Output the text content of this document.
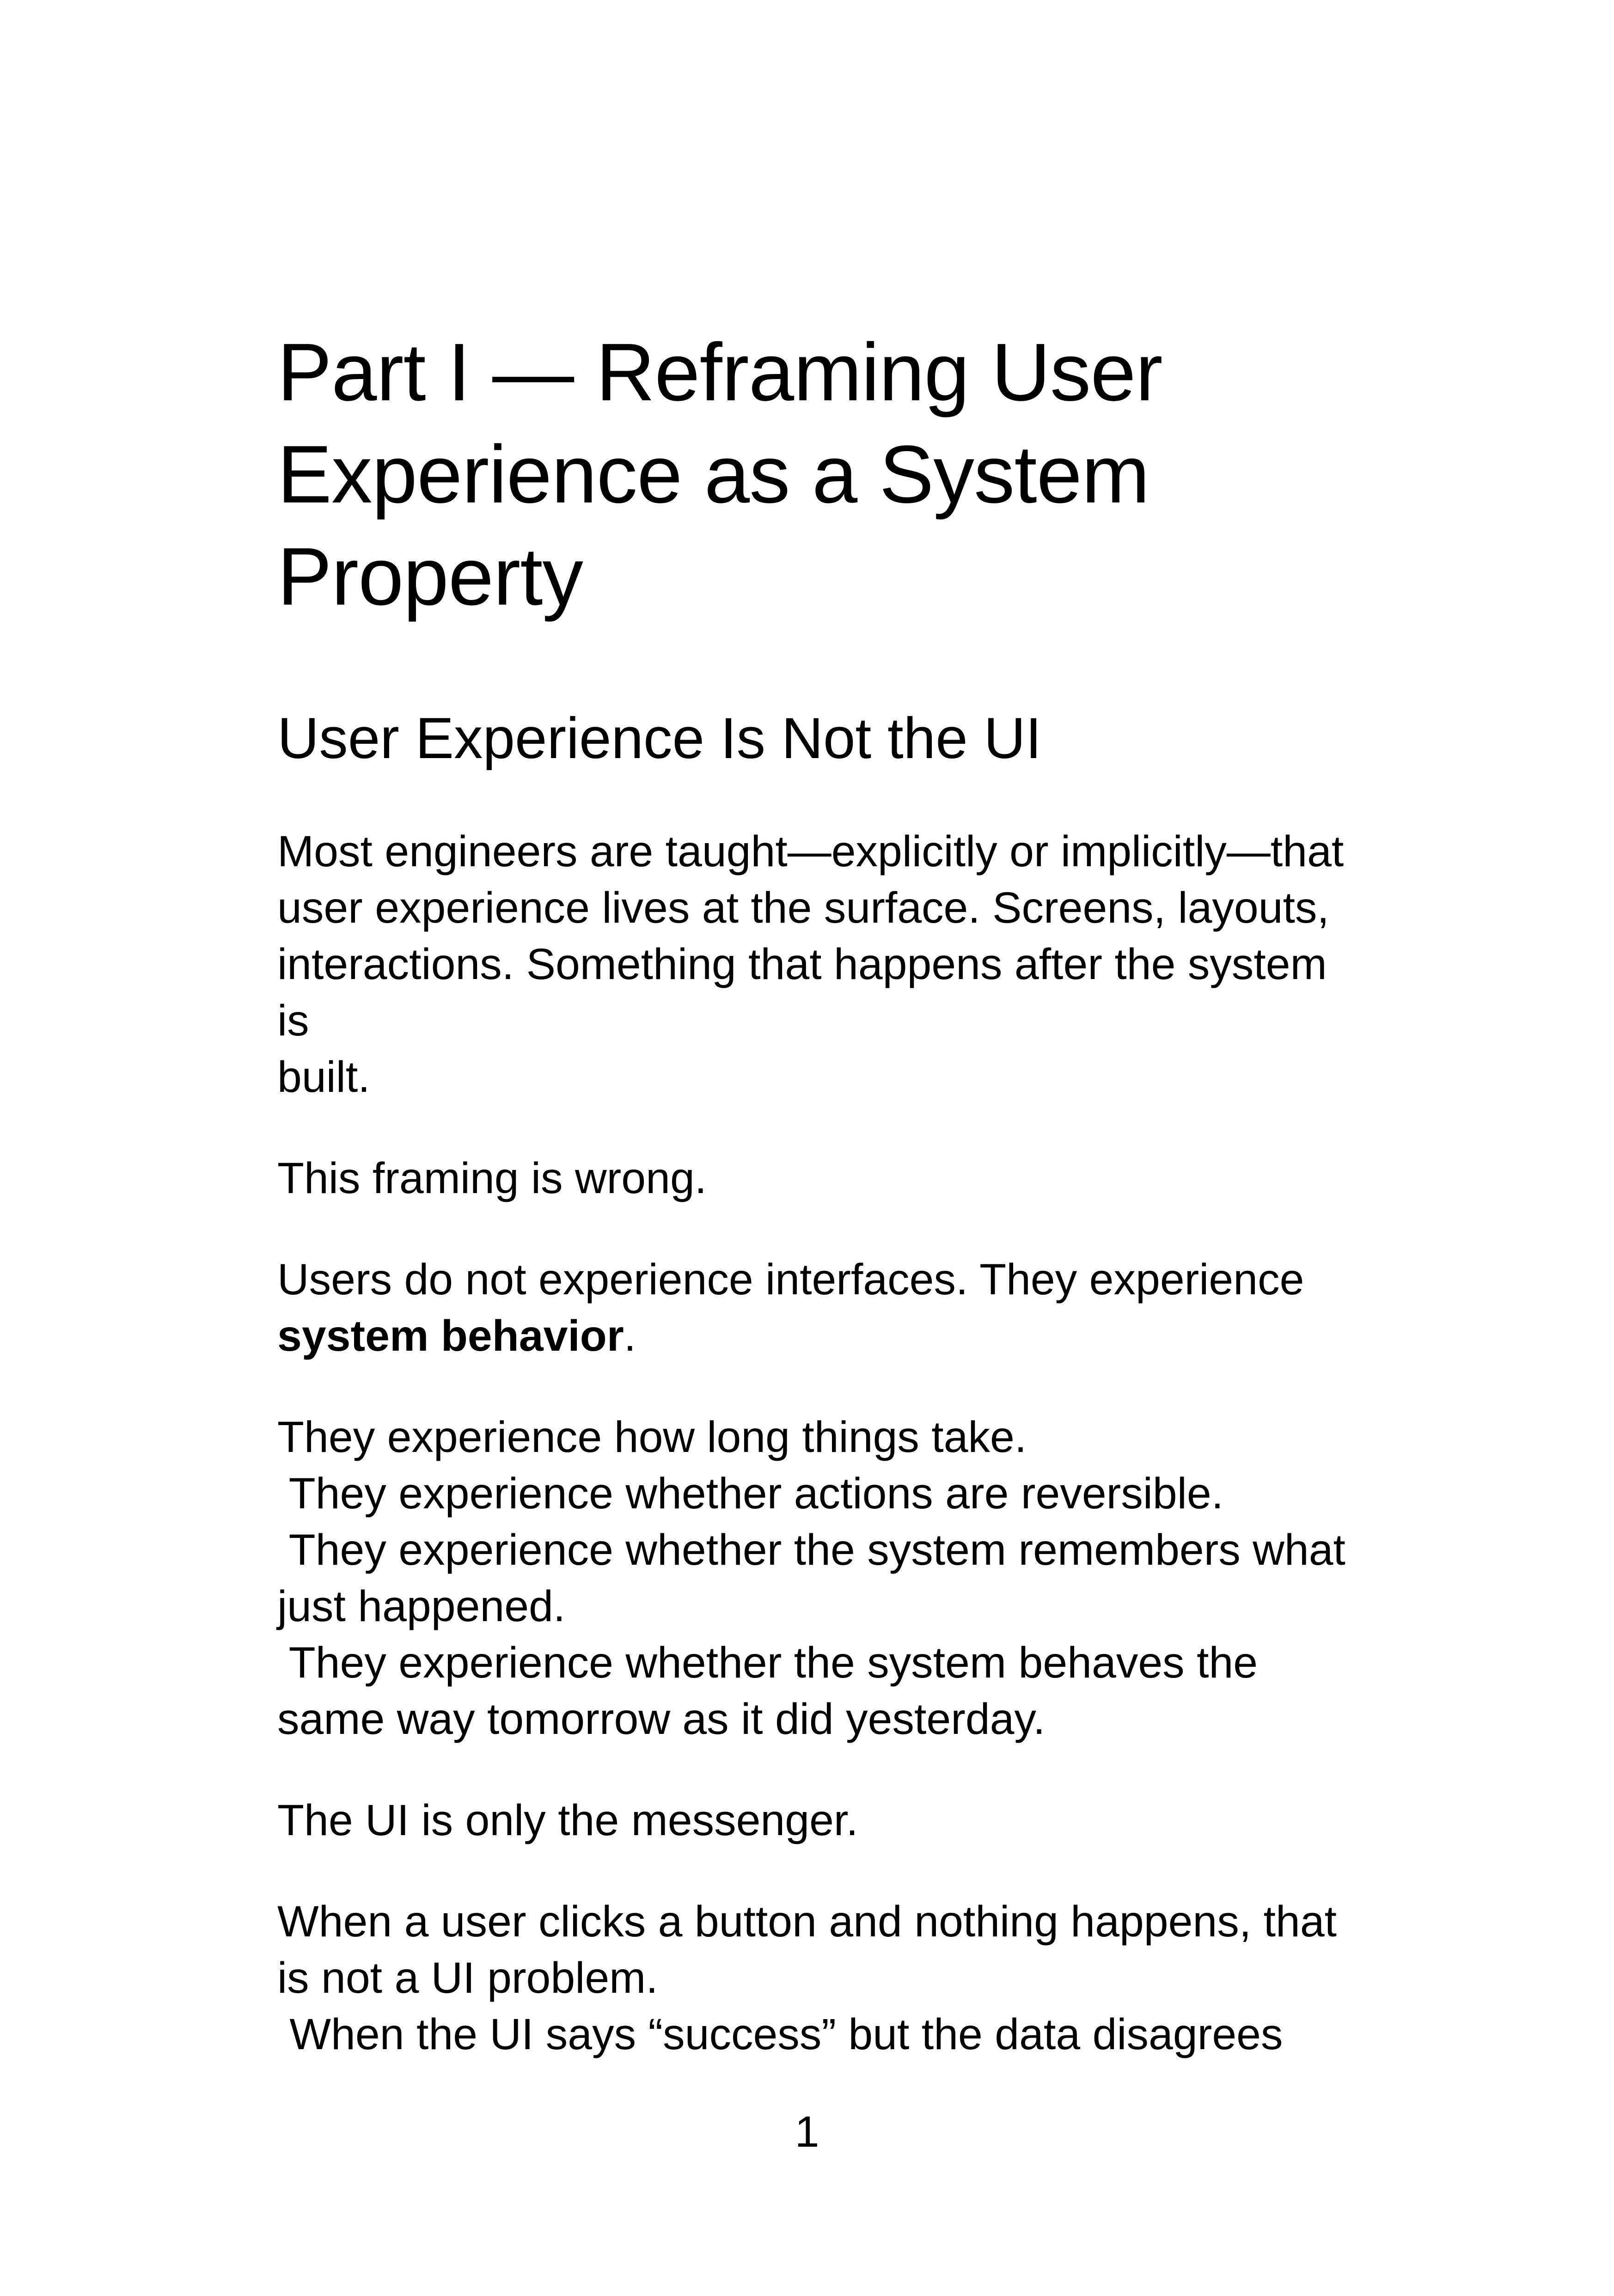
Part I — Reframing User
Experience as a System
Property
User Experience Is Not the UI

Most engineers are taught—explicitly or implicitly—that
user experience lives at the surface. Screens, layouts,
interactions. Something that happens after the system is
built.

This framing is wrong.

Users do not experience interfaces. They experience
system behavior.

They experience how long things take.
They experience whether actions are reversible.
They experience whether the system remembers what
just happened.
They experience whether the system behaves the
same way tomorrow as it did yesterday.

The UI is only the messenger.

When a user clicks a button and nothing happens, that
is not a UI problem.
When the UI says “success” but the data disagrees

1
